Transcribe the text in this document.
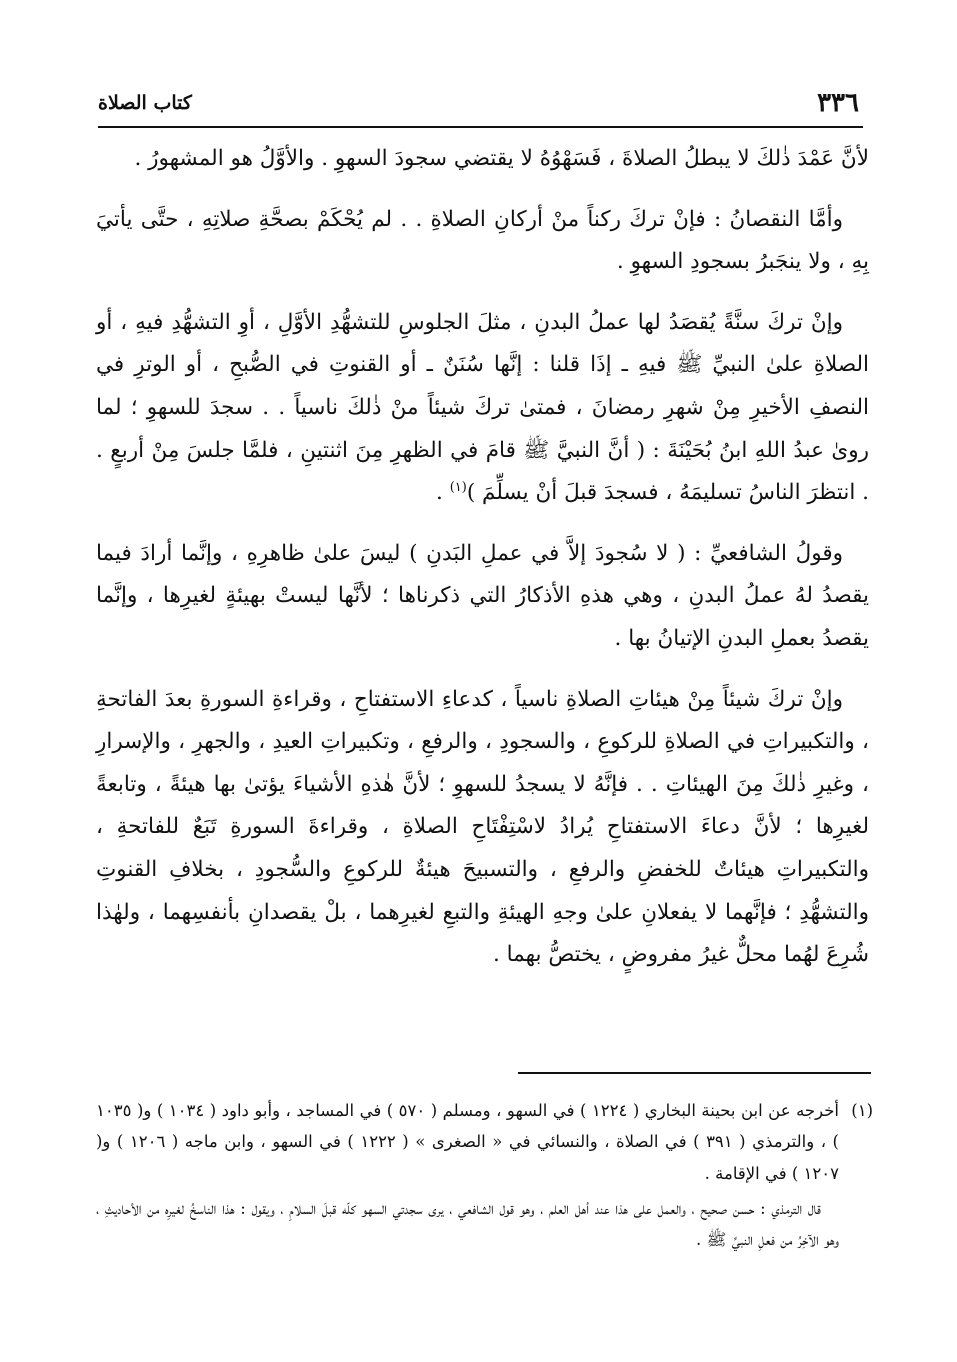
٣٣٦
كتاب الصلاة

لأنَّ عَمْدَ ذٰلكَ لا يبطلُ الصلاةَ ، فَسَهْوُهُ لا يقتضي سجودَ السهوِ . والأوَّلُ هو المشهورُ .

وأمَّا النقصانُ : فإنْ تركَ ركناً منْ أركانِ الصلاةِ . . لم يُحْكَمْ بصحَّةِ صلاتِهِ ، حتَّى يأتيَ بِهِ ، ولا ينجَبرُ بسجودِ السهوِ .

وإنْ تركَ سنَّةً يُقصَدُ لها عملُ البدنِ ، مثلَ الجلوسِ للتشهُّدِ الأوَّلِ ، أوِ التشهُّدِ فيهِ ، أو الصلاةِ علىٰ النبيِّ ﷺ فيهِ ـ إذَا قلنا : إنَّها سُنَنٌ ـ أو القنوتِ في الصُّبحِ ، أو الوترِ في النصفِ الأخيرِ مِنْ شهرِ رمضانَ ، فمتىٰ تركَ شيئاً منْ ذٰلكَ ناسياً . . سجدَ للسهوِ ؛ لما روىٰ عبدُ اللهِ ابنُ بُحَيْنَةَ : ( أنَّ النبيَّ ﷺ قامَ في الظهرِ مِنَ اثنتينِ ، فلمَّا جلسَ مِنْ أربعٍ . . انتظرَ الناسُ تسليمَهُ ، فسجدَ قبلَ أنْ يسلِّمَ )$^{(١)}$ .

وقولُ الشافعيِّ : ( لا سُجودَ إلاَّ في عملِ البَدنِ ) ليسَ علىٰ ظاهرِهِ ، وإنَّما أرادَ فيما يقصدُ لهُ عملُ البدنِ ، وهي هذهِ الأذكارُ التي ذكرناها ؛ لأنَّها ليستْ بهيئةٍ لغيرِها ، وإنَّما يقصدُ بعملِ البدنِ الإتيانُ بها .

وإنْ تركَ شيئاً مِنْ هيئاتِ الصلاةِ ناسياً ، كدعاءِ الاستفتاحِ ، وقراءةِ السورةِ بعدَ الفاتحةِ ، والتكبيراتِ في الصلاةِ للركوعِ ، والسجودِ ، والرفعِ ، وتكبيراتِ العيدِ ، والجهرِ ، والإسرارِ ، وغيرِ ذٰلكَ مِنَ الهيئاتِ . . فإنَّهُ لا يسجدُ للسهوِ ؛ لأنَّ هٰذهِ الأشياءَ يؤتىٰ بها هيئةً ، وتابعةً لغيرِها ؛ لأنَّ دعاءَ الاستفتاحِ يُرادُ لاسْتِفْتَاحِ الصلاةِ ، وقراءةَ السورةِ تَبَعٌ للفاتحةِ ، والتكبيراتِ هيئاتٌ للخفضِ والرفعِ ، والتسبيحَ هيئةٌ للركوعِ والسُّجودِ ، بخلافِ القنوتِ والتشهُّدِ ؛ فإنَّهما لا يفعلانِ علىٰ وجهِ الهيئةِ والتبعِ لغيرِهما ، بلْ يقصدانِ بأنفسِهما ، ولهٰذا شُرِعَ لهُما محلٌّ غيرُ مفروضٍ ، يختصُّ بهما .

(١)

أخرجه عن ابن بحينة البخاري ( ١٢٢٤ ) في السهو ، ومسلم ( ٥٧٠ ) في المساجد ، وأبو داود ( ١٠٣٤ ) و( ١٠٣٥ ) ، والترمذي ( ٣٩١ ) في الصلاة ، والنسائي في « الصغرى » ( ١٢٢٢ ) في السهو ، وابن ماجه ( ١٢٠٦ ) و( ١٢٠٧ ) في الإقامة .

قال الترمذي : حسن صحيح ، والعمل على هذا عند أهل العلم ، وهو قول الشافعي ، يرى سجدتي السهو كلّه قبلَ السلامِ ، ويقول : هذا الناسخُ لغيرِه من الأحاديثِ ، وهو الآخِرُ من فعلِ النبيِّ ﷺ .
